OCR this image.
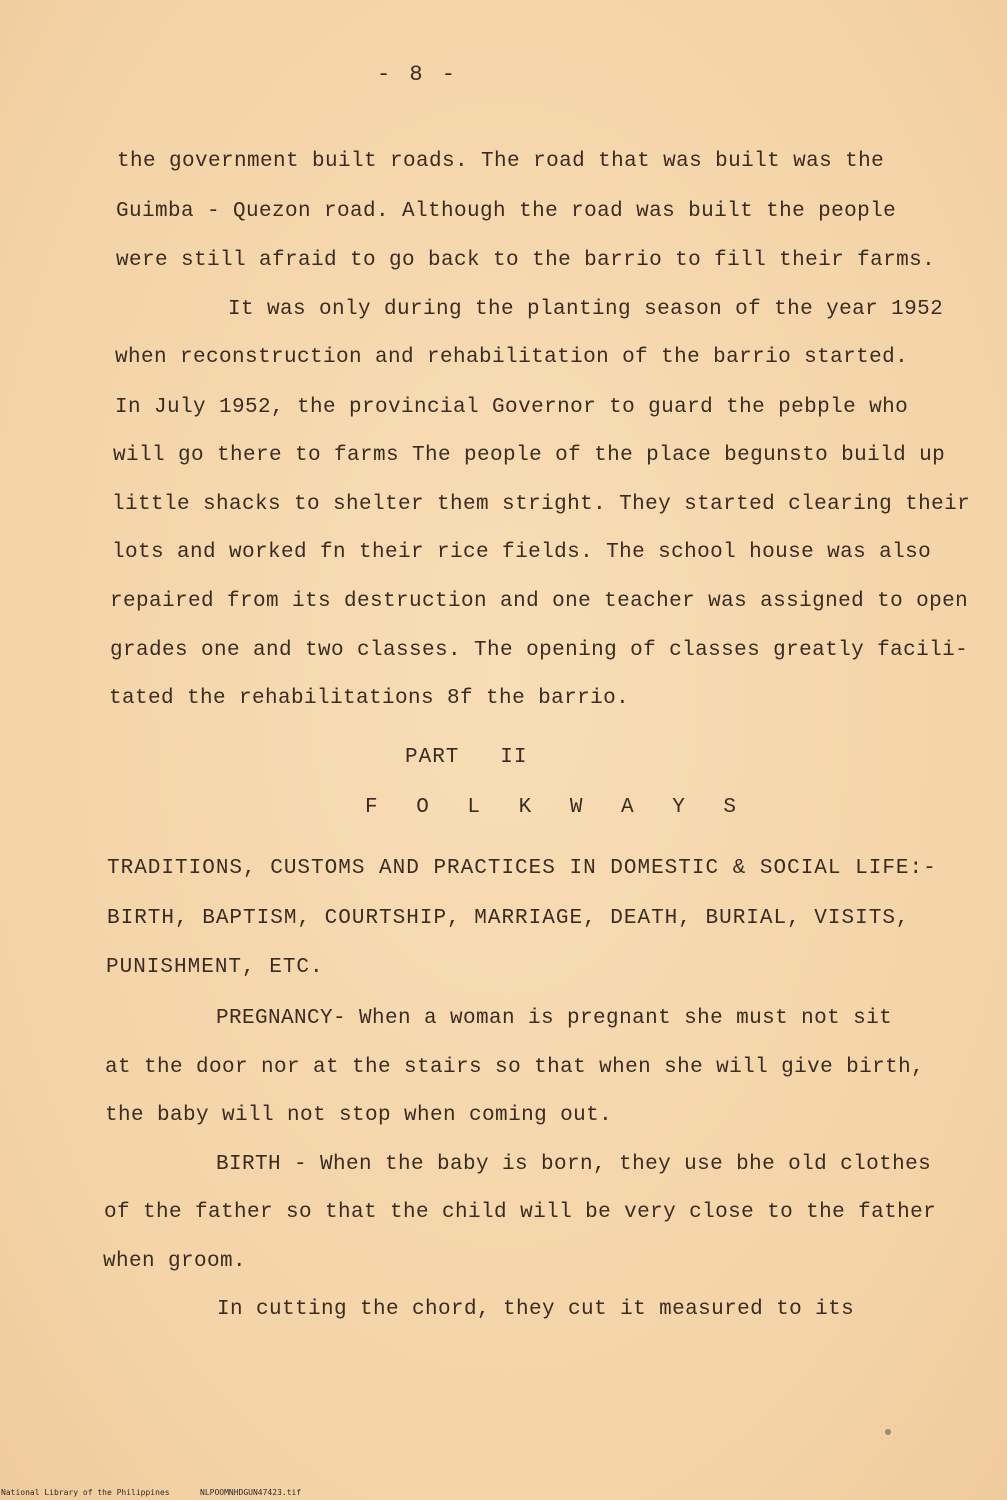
- 8 -
the government built roads. The road that was built was the
Guimba - Quezon road. Although the road was built the people
were still afraid to go back to the barrio to fill their farms.
It was only during the planting season of the year 1952
when reconstruction and rehabilitation of the barrio started.
In July 1952, the provincial Governor to guard the pebple who
will go there to farms The people of the place begunsto build up
little shacks to shelter them stright. They started clearing their
lots and worked fn their rice fields. The school house was also
repaired from its destruction and one teacher was assigned to open
grades one and two classes. The opening of classes greatly facili-
tated the rehabilitations 8f the barrio.
PART   II
F O L K W A Y S
TRADITIONS, CUSTOMS AND PRACTICES IN DOMESTIC & SOCIAL LIFE:-
BIRTH, BAPTISM, COURTSHIP, MARRIAGE, DEATH, BURIAL, VISITS,
PUNISHMENT, ETC.
PREGNANCY- When a woman is pregnant she must not sit
at the door nor at the stairs so that when she will give birth,
the baby will not stop when coming out.
BIRTH - When the baby is born, they use bhe old clothes
of the father so that the child will be very close to the father
when groom.
In cutting the chord, they cut it measured to its
National Library of the Philippines	NLPOOMNHDGUN47423.tif
